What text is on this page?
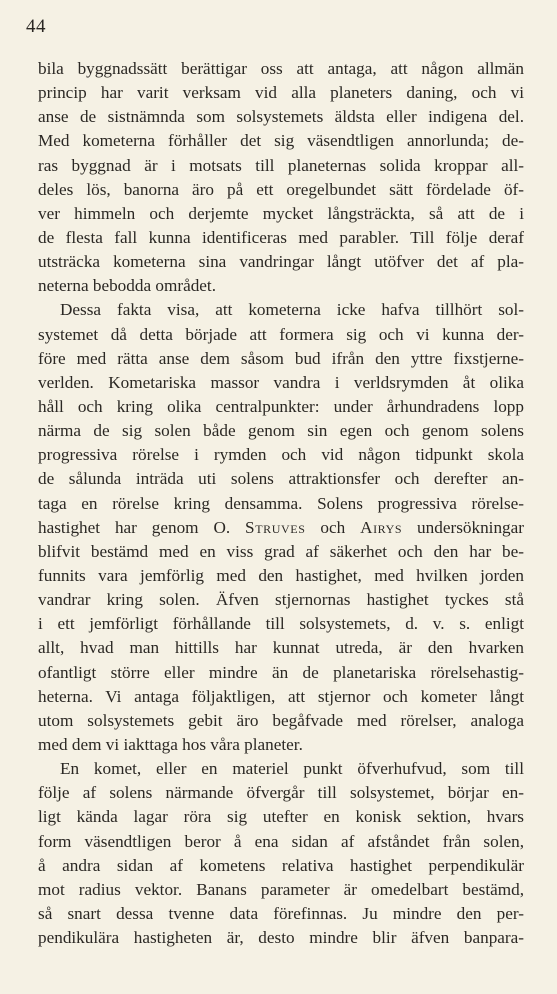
44
bila byggnadssätt berättigar oss att antaga, att någon allmän
princip har varit verksam vid alla planeters daning, och vi
anse de sistnämnda som solsystemets äldsta eller indigena del.
Med kometerna förhåller det sig väsendtligen annorlunda; de-
ras byggnad är i motsats till planeternas solida kroppar all-
deles lös, banorna äro på ett oregelbundet sätt fördelade öf-
ver himmeln och derjemte mycket långsträckta, så att de i
de flesta fall kunna identificeras med parabler. Till följe deraf
utsträcka kometerna sina vandringar långt utöfver det af pla-
neterna bebodda området.
Dessa fakta visa, att kometerna icke hafva tillhört sol-
systemet då detta började att formera sig och vi kunna der-
före med rätta anse dem såsom bud ifrån den yttre fixstjerne-
verlden. Kometariska massor vandra i verldsrymden åt olika
håll och kring olika centralpunkter: under århundradens lopp
närma de sig solen både genom sin egen och genom solens
progressiva rörelse i rymden och vid någon tidpunkt skola
de sålunda inträda uti solens attraktionsfer och derefter an-
taga en rörelse kring densamma. Solens progressiva rörelse-
hastighet har genom O. Struves och Airys undersökningar
blifvit bestämd med en viss grad af säkerhet och den har be-
funnits vara jemförlig med den hastighet, med hvilken jorden
vandrar kring solen. Äfven stjernornas hastighet tyckes stå
i ett jemförligt förhållande till solsystemets, d. v. s. enligt
allt, hvad man hittills har kunnat utreda, är den hvarken
ofantligt större eller mindre än de planetariska rörelsehastig-
heterna. Vi antaga följaktligen, att stjernor och kometer långt
utom solsystemets gebit äro begåfvade med rörelser, analoga
med dem vi iakttaga hos våra planeter.
En komet, eller en materiel punkt öfverhufvud, som till
följe af solens närmande öfvergår till solsystemet, börjar en-
ligt kända lagar röra sig utefter en konisk sektion, hvars
form väsendtligen beror å ena sidan af afståndet från solen,
å andra sidan af kometens relativa hastighet perpendikulär
mot radius vektor. Banans parameter är omedelbart bestämd,
så snart dessa tvenne data förefinnas. Ju mindre den per-
pendikulära hastigheten är, desto mindre blir äfven banpara-
